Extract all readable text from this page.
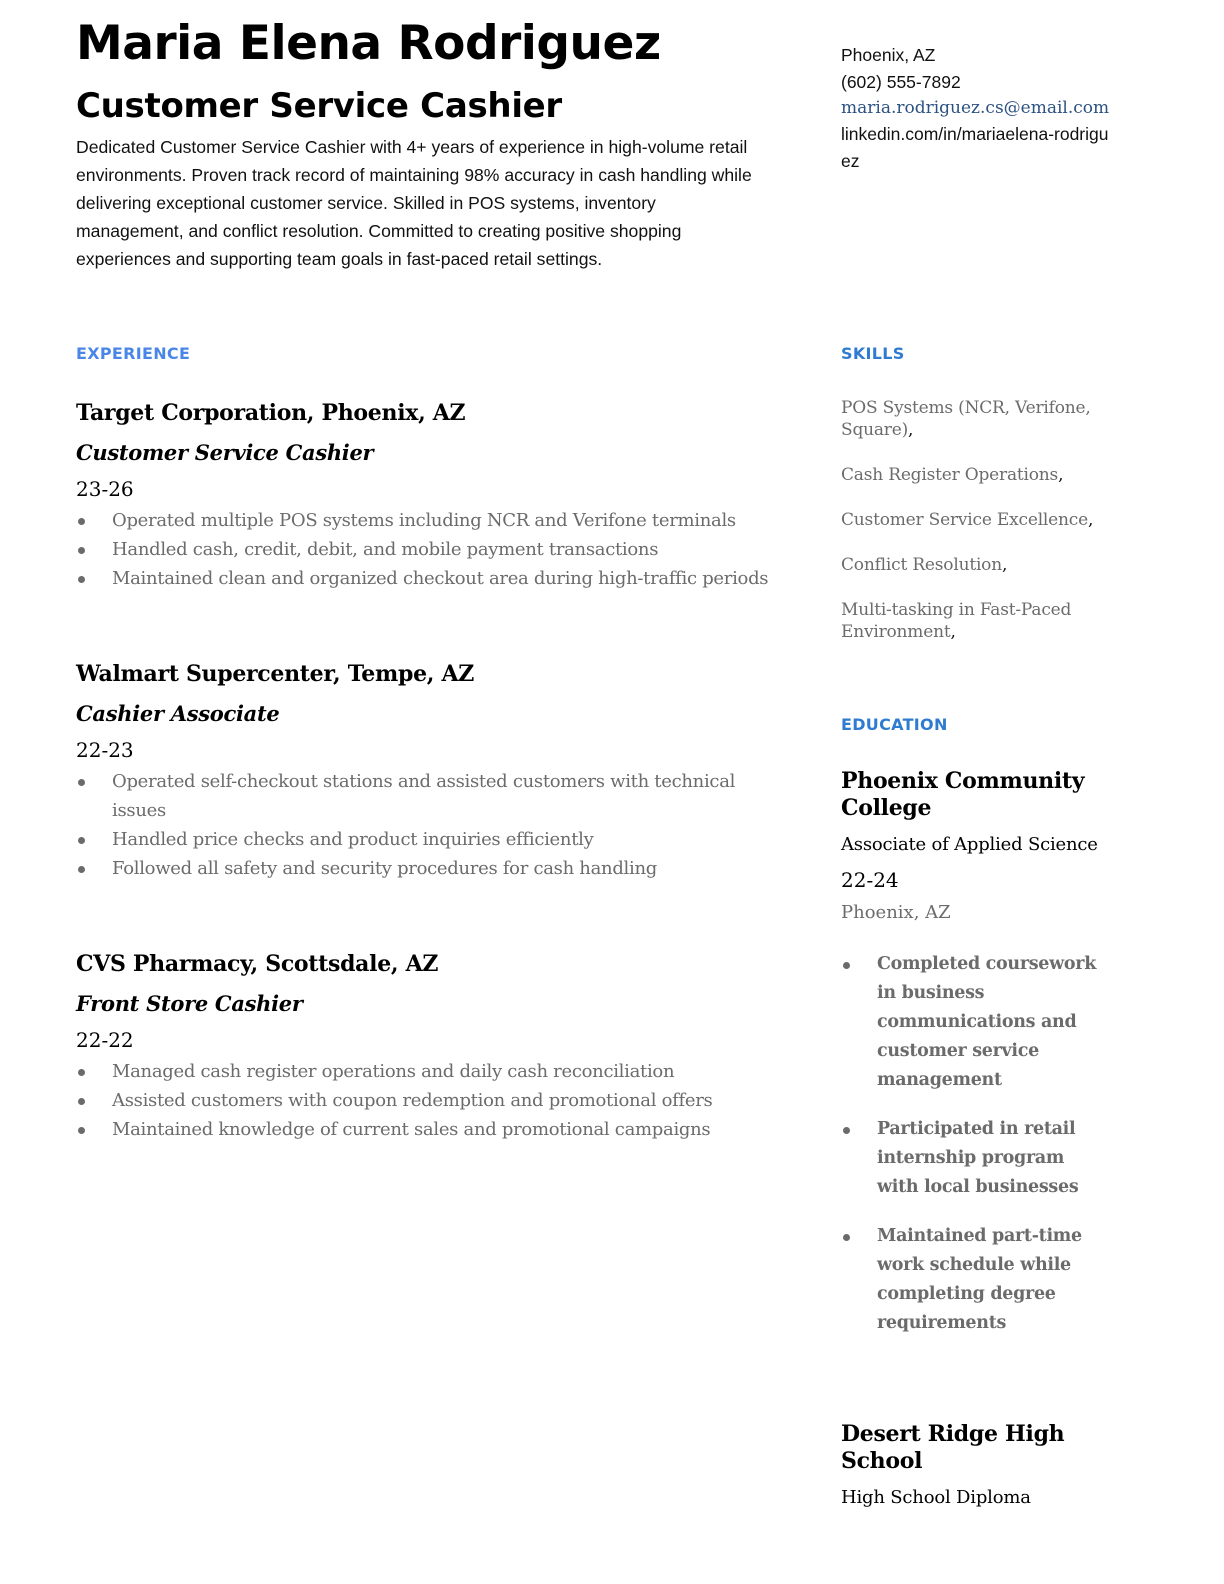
Maria Elena Rodriguez
Customer Service Cashier
Dedicated Customer Service Cashier with 4+ years of experience in high-volume retail environments. Proven track record of maintaining 98% accuracy in cash handling while delivering exceptional customer service. Skilled in POS systems, inventory management, and conflict resolution. Committed to creating positive shopping experiences and supporting team goals in fast-paced retail settings.
EXPERIENCE
Target Corporation, Phoenix, AZ
Customer Service Cashier
23-26
Operated multiple POS systems including NCR and Verifone terminals
Handled cash, credit, debit, and mobile payment transactions
Maintained clean and organized checkout area during high-traffic periods
Walmart Supercenter, Tempe, AZ
Cashier Associate
22-23
Operated self-checkout stations and assisted customers with technical issues
Handled price checks and product inquiries efficiently
Followed all safety and security procedures for cash handling
CVS Pharmacy, Scottsdale, AZ
Front Store Cashier
22-22
Managed cash register operations and daily cash reconciliation
Assisted customers with coupon redemption and promotional offers
Maintained knowledge of current sales and promotional campaigns
Phoenix, AZ
(602) 555-7892
maria.rodriguez.cs@email.com
linkedin.com/in/mariaelena-rodriguez
SKILLS
POS Systems (NCR, Verifone, Square),
Cash Register Operations,
Customer Service Excellence,
Conflict Resolution,
Multi-tasking in Fast-Paced Environment,
EDUCATION
Phoenix Community College
Associate of Applied Science
22-24
Phoenix, AZ
Completed coursework in business communications and customer service management
Participated in retail internship program with local businesses
Maintained part-time work schedule while completing degree requirements
Desert Ridge High School
High School Diploma
